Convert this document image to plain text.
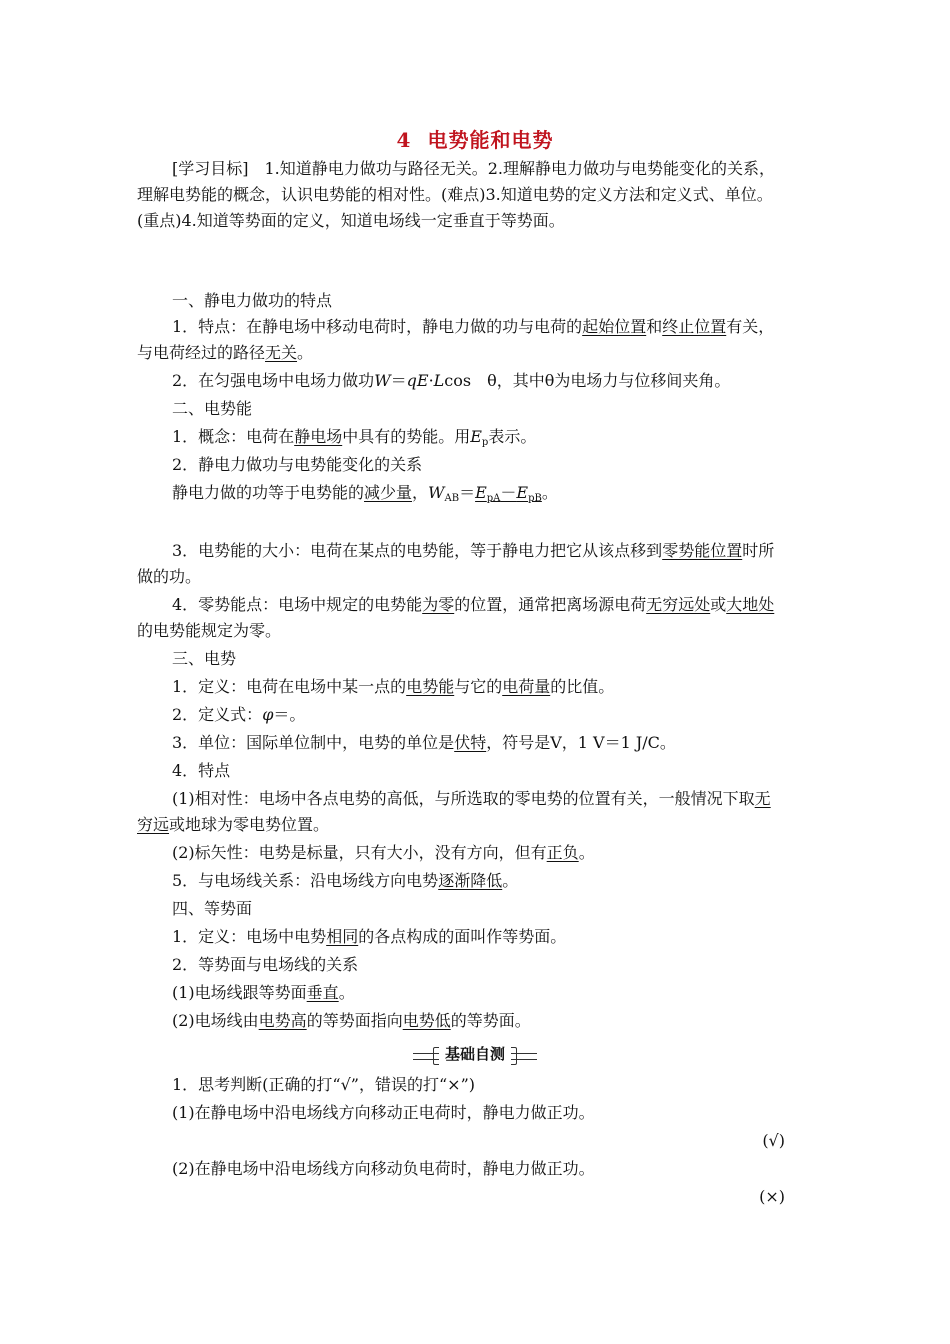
4 电势能和电势
[学习目标]　1.知道静电力做功与路径无关。2.理解静电力做功与电势能变化的关系，
理解电势能的概念，认识电势能的相对性。(难点)3.知道电势的定义方法和定义式、单位。
(重点)4.知道等势面的定义，知道电场线一定垂直于等势面。
一、静电力做功的特点
1．特点：在静电场中移动电荷时，静电力做的功与电荷的起始位置和终止位置有关，
与电荷经过的路径无关。
2．在匀强电场中电场力做功W＝qE·Lcos　θ，其中θ为电场力与位移间夹角。
二、电势能
1．概念：电荷在静电场中具有的势能。用$E_p$表示。
2．静电力做功与电势能变化的关系
静电力做的功等于电势能的减少量，$W_{AB}=E_{pA}-E_{pB}$。
3．电势能的大小：电荷在某点的电势能，等于静电力把它从该点移到零势能位置时所
做的功。
4．零势能点：电场中规定的电势能为零的位置，通常把离场源电荷无穷远处或大地处
的电势能规定为零。
三、电势
1．定义：电荷在电场中某一点的电势能与它的电荷量的比值。
2．定义式：φ＝。
3．单位：国际单位制中，电势的单位是伏特，符号是V，1 V＝1 J/C。
4．特点
(1)相对性：电场中各点电势的高低，与所选取的零电势的位置有关，一般情况下取无
穷远或地球为零电势位置。
(2)标矢性：电势是标量，只有大小，没有方向，但有正负。
5．与电场线关系：沿电场线方向电势逐渐降低。
四、等势面
1．定义：电场中电势相同的各点构成的面叫作等势面。
2．等势面与电场线的关系
(1)电场线跟等势面垂直。
(2)电场线由电势高的等势面指向电势低的等势面。
基础自测
1．思考判断(正确的打“√”，错误的打“×”)
(1)在静电场中沿电场线方向移动正电荷时，静电力做正功。
(√)
(2)在静电场中沿电场线方向移动负电荷时，静电力做正功。
(×)
